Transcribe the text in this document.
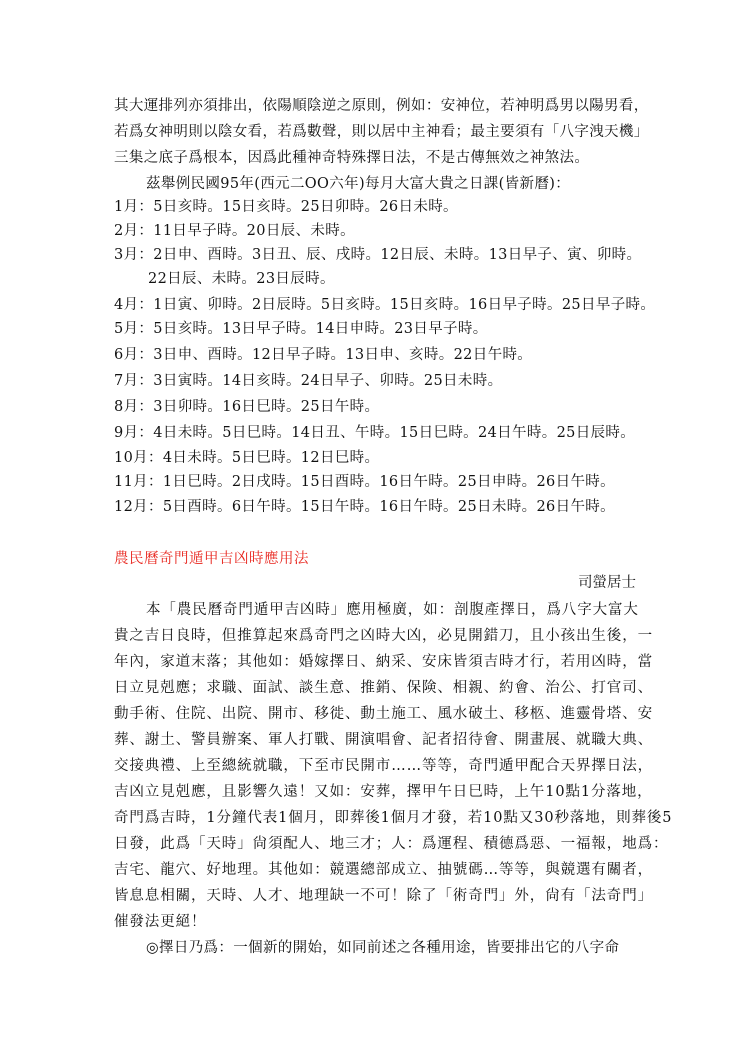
其大運排列亦須排出，依陽順陰逆之原則，例如：安神位，若神明爲男以陽男看，
若爲女神明則以陰女看，若爲數聲，則以居中主神看；最主要須有「八字洩天機」
三集之底子爲根本，因爲此種神奇特殊擇日法，不是古傳無效之神煞法。
茲舉例民國95年(西元二OO六年)每月大富大貴之日課(皆新曆)：
1月：5日亥時。15日亥時。25日卯時。26日未時。
2月：11日早子時。20日辰、未時。
3月：2日申、酉時。3日丑、辰、戌時。12日辰、未時。13日早子、寅、卯時。
22日辰、未時。23日辰時。
4月：1日寅、卯時。2日辰時。5日亥時。15日亥時。16日早子時。25日早子時。
5月：5日亥時。13日早子時。14日申時。23日早子時。
6月：3日申、酉時。12日早子時。13日申、亥時。22日午時。
7月：3日寅時。14日亥時。24日早子、卯時。25日未時。
8月：3日卯時。16日巳時。25日午時。
9月：4日未時。5日巳時。14日丑、午時。15日巳時。24日午時。25日辰時。
10月：4日未時。5日巳時。12日巳時。
11月：1日巳時。2日戌時。15日酉時。16日午時。25日申時。26日午時。
12月：5日酉時。6日午時。15日午時。16日午時。25日未時。26日午時。
農民曆奇門遁甲吉凶時應用法
司螢居士
本「農民曆奇門遁甲吉凶時」應用極廣，如：剖腹產擇日，爲八字大富大
貴之吉日良時，但推算起來爲奇門之凶時大凶，必見開錯刀，且小孩出生後，一
年內，家道末落；其他如：婚嫁擇日、納采、安床皆須吉時才行，若用凶時，當
日立見剋應；求職、面試、談生意、推銷、保険、相親、約會、治公、打官司、
動手術、住院、出院、開市、移徙、動土施工、風水破土、移柩、進靈骨塔、安
葬、謝土、警員辦案、軍人打戰、開演唱會、記者招待會、開畫展、就職大典、
交接典禮、上至總統就職，下至市民開市……等等，奇門遁甲配合天界擇日法，
吉凶立見剋應，且影響久遠！又如：安葬，擇甲午日巳時，上午10點1分落地，
奇門爲吉時，1分鐘代表1個月，即葬後1個月才發，若10點又30秒落地，則葬後5
日發，此爲「天時」尙須配人、地三才；人：爲運程、積德爲惡、一福報，地爲：
吉宅、龍穴、好地理。其他如：競選總部成立、抽號碼…等等，與競選有關者，
皆息息相關，天時、人才、地理缺一不可！除了「術奇門」外，尙有「法奇門」
催發法更絕！
◎擇日乃爲：一個新的開始，如同前述之各種用途，皆要排出它的八字命
